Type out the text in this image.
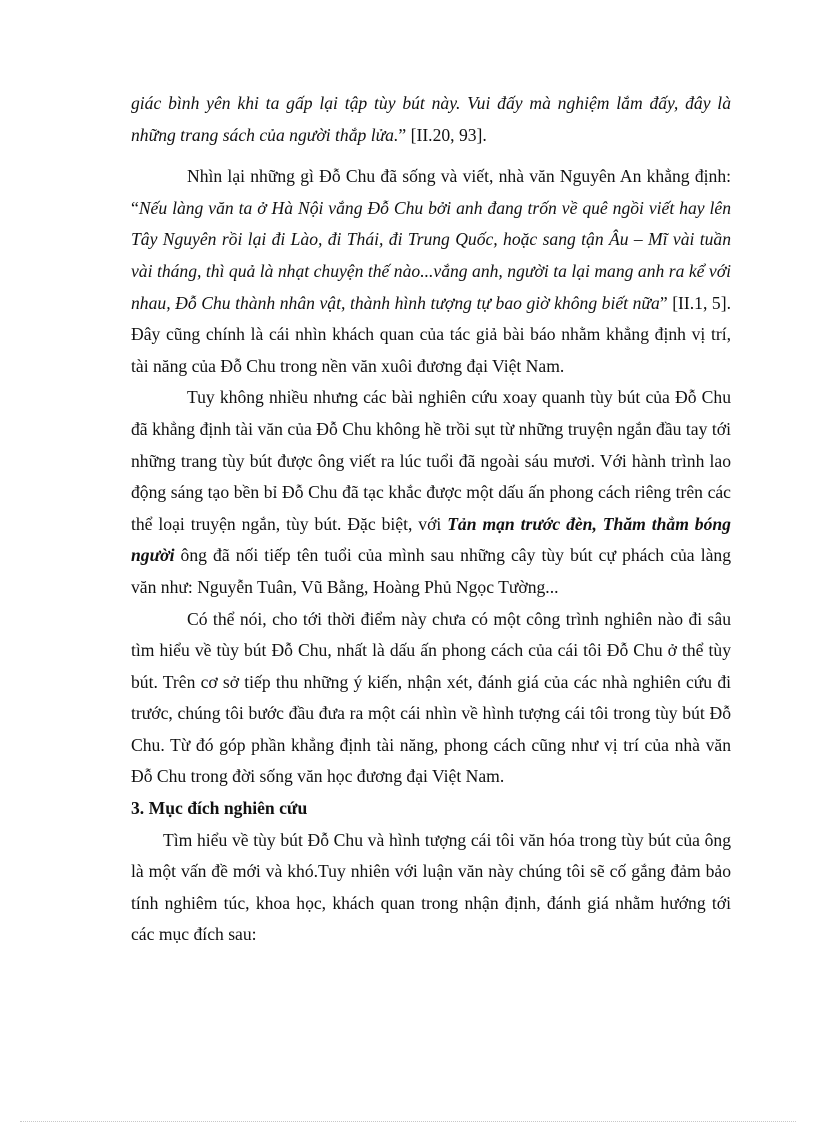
giác bình yên khi ta gấp lại tập tùy bút này. Vui đấy mà nghiệm lắm đấy, đây là những trang sách của người thắp lửa.” [II.20, 93].

Nhìn lại những gì Đỗ Chu đã sống và viết, nhà văn Nguyên An khẳng định: “Nếu làng văn ta ở Hà Nội vắng Đỗ Chu bởi anh đang trốn về quê ngồi viết hay lên Tây Nguyên rồi lại đi Lào, đi Thái, đi Trung Quốc, hoặc sang tận Âu – Mĩ vài tuần vài tháng, thì quả là nhạt chuyện thế nào...vắng anh, người ta lại mang anh ra kể với nhau, Đỗ Chu thành nhân vật, thành hình tượng tự bao giờ không biết nữa” [II.1, 5]. Đây cũng chính là cái nhìn khách quan của tác giả bài báo nhằm khẳng định vị trí, tài năng của Đỗ Chu trong nền văn xuôi đương đại Việt Nam.

Tuy không nhiều nhưng các bài nghiên cứu xoay quanh tùy bút của Đỗ Chu đã khẳng định tài văn của Đỗ Chu không hề trồi sụt từ những truyện ngắn đầu tay tới những trang tùy bút được ông viết ra lúc tuổi đã ngoài sáu mươi. Với hành trình lao động sáng tạo bền bỉ Đỗ Chu đã tạc khắc được một dấu ấn phong cách riêng trên các thể loại truyện ngắn, tùy bút. Đặc biệt, với Tản mạn trước đèn, Thăm thẳm bóng người ông đã nối tiếp tên tuổi của mình sau những cây tùy bút cự phách của làng văn như: Nguyễn Tuân, Vũ Bằng, Hoàng Phủ Ngọc Tường...

Có thể nói, cho tới thời điểm này chưa có một công trình nghiên nào đi sâu tìm hiểu về tùy bút Đỗ Chu, nhất là dấu ấn phong cách của cái tôi Đỗ Chu ở thể tùy bút. Trên cơ sở tiếp thu những ý kiến, nhận xét, đánh giá của các nhà nghiên cứu đi trước, chúng tôi bước đầu đưa ra một cái nhìn về hình tượng cái tôi trong tùy bút Đỗ Chu. Từ đó góp phần khẳng định tài năng, phong cách cũng như vị trí của nhà văn Đỗ Chu trong đời sống văn học đương đại Việt Nam.

3. Mục đích nghiên cứu

Tìm hiểu về tùy bút Đỗ Chu và hình tượng cái tôi văn hóa trong tùy bút của ông là một vấn đề mới và khó.Tuy nhiên với luận văn này chúng tôi sẽ cố gắng đảm bảo tính nghiêm túc, khoa học, khách quan trong nhận định, đánh giá nhằm hướng tới các mục đích sau:
